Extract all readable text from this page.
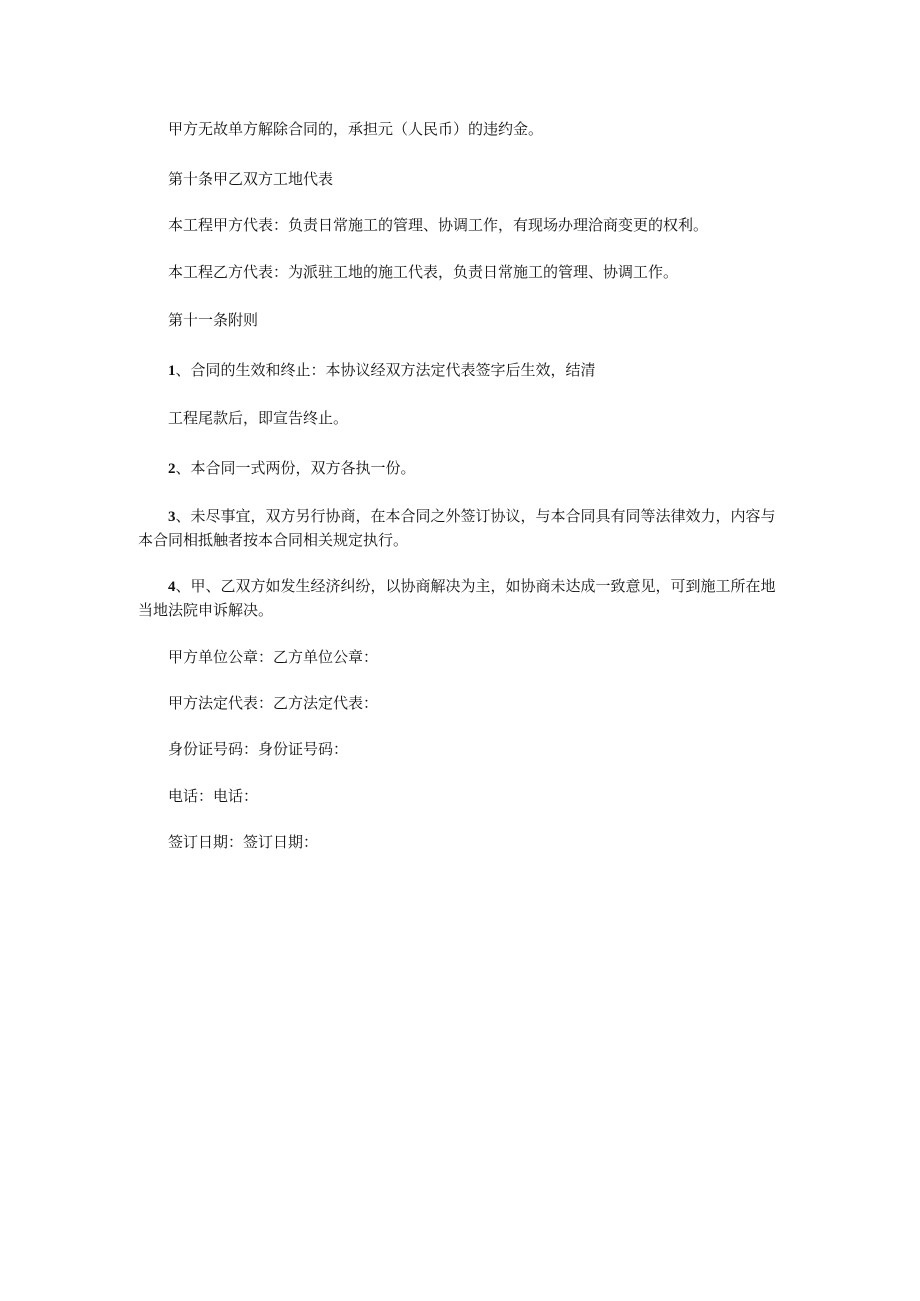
甲方无故单方解除合同的，承担元（人民币）的违约金。

第十条甲乙双方工地代表

本工程甲方代表：负责日常施工的管理、协调工作，有现场办理洽商变更的权利。

本工程乙方代表：为派驻工地的施工代表，负责日常施工的管理、协调工作。

第十一条附则

1、合同的生效和终止：本协议经双方法定代表签字后生效，结清

工程尾款后，即宣告终止。

2、本合同一式两份，双方各执一份。

3、未尽事宜，双方另行协商，在本合同之外签订协议，与本合同具有同等法律效力，内容与本合同相抵触者按本合同相关规定执行。

4、甲、乙双方如发生经济纠纷，以协商解决为主，如协商未达成一致意见，可到施工所在地当地法院申诉解决。

甲方单位公章：乙方单位公章：

甲方法定代表：乙方法定代表：

身份证号码：身份证号码：

电话：电话：

签订日期：签订日期：
